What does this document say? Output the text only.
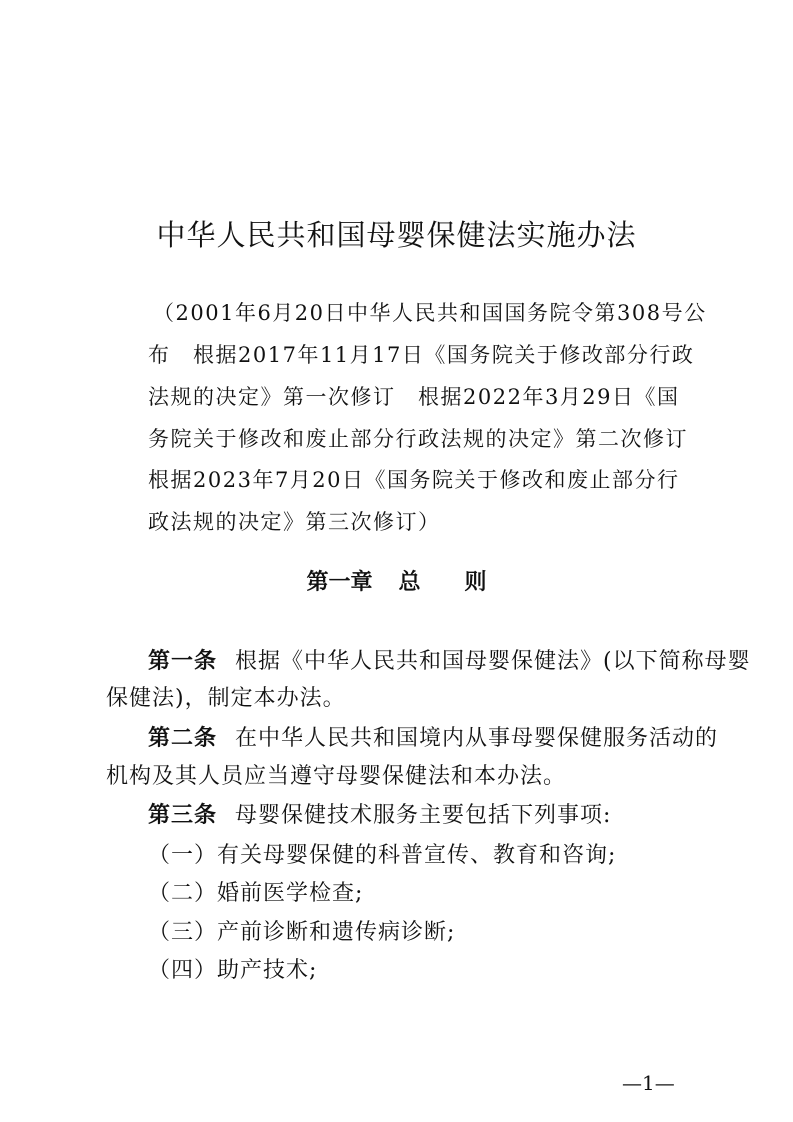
中华人民共和国母婴保健法实施办法
（2001年6月20日中华人民共和国国务院令第308号公
布　根据2017年11月17日《国务院关于修改部分行政
法规的决定》第一次修订　根据2022年3月29日《国
务院关于修改和废止部分行政法规的决定》第二次修订
根据2023年7月20日《国务院关于修改和废止部分行
政法规的决定》第三次修订）
第一章 总 则
第一条 根据《中华人民共和国母婴保健法》(以下简称母婴
保健法)，制定本办法。
第二条 在中华人民共和国境内从事母婴保健服务活动的
机构及其人员应当遵守母婴保健法和本办法。
第三条 母婴保健技术服务主要包括下列事项:
（一）有关母婴保健的科普宣传、教育和咨询;
（二）婚前医学检查;
（三）产前诊断和遗传病诊断;
（四）助产技术;
—1—
